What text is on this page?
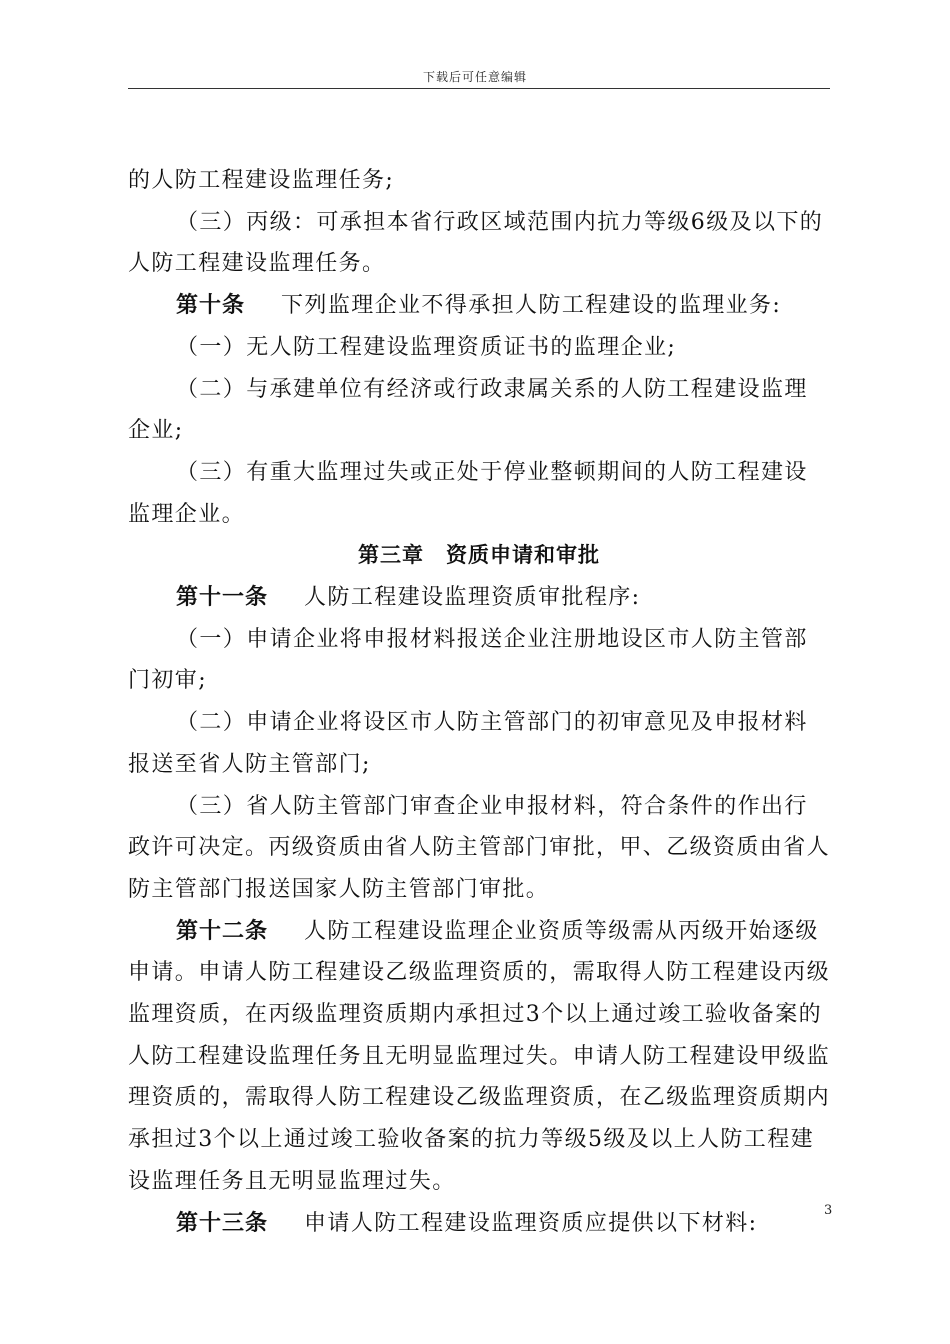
下载后可任意编辑

的人防工程建设监理任务;

（三）丙级：可承担本省行政区域范围内抗力等级6级及以下的人防工程建设监理任务。

第十条 下列监理企业不得承担人防工程建设的监理业务:

（一）无人防工程建设监理资质证书的监理企业;

（二）与承建单位有经济或行政隶属关系的人防工程建设监理企业;

（三）有重大监理过失或正处于停业整顿期间的人防工程建设监理企业。

第三章　资质申请和审批

第十一条 人防工程建设监理资质审批程序:

（一）申请企业将申报材料报送企业注册地设区市人防主管部门初审;

（二）申请企业将设区市人防主管部门的初审意见及申报材料报送至省人防主管部门;

（三）省人防主管部门审查企业申报材料，符合条件的作出行政许可决定。丙级资质由省人防主管部门审批，甲、乙级资质由省人防主管部门报送国家人防主管部门审批。

第十二条 人防工程建设监理企业资质等级需从丙级开始逐级申请。申请人防工程建设乙级监理资质的，需取得人防工程建设丙级监理资质，在丙级监理资质期内承担过3个以上通过竣工验收备案的人防工程建设监理任务且无明显监理过失。申请人防工程建设甲级监理资质的，需取得人防工程建设乙级监理资质，在乙级监理资质期内承担过3个以上通过竣工验收备案的抗力等级5级及以上人防工程建设监理任务且无明显监理过失。

第十三条 申请人防工程建设监理资质应提供以下材料:

3
